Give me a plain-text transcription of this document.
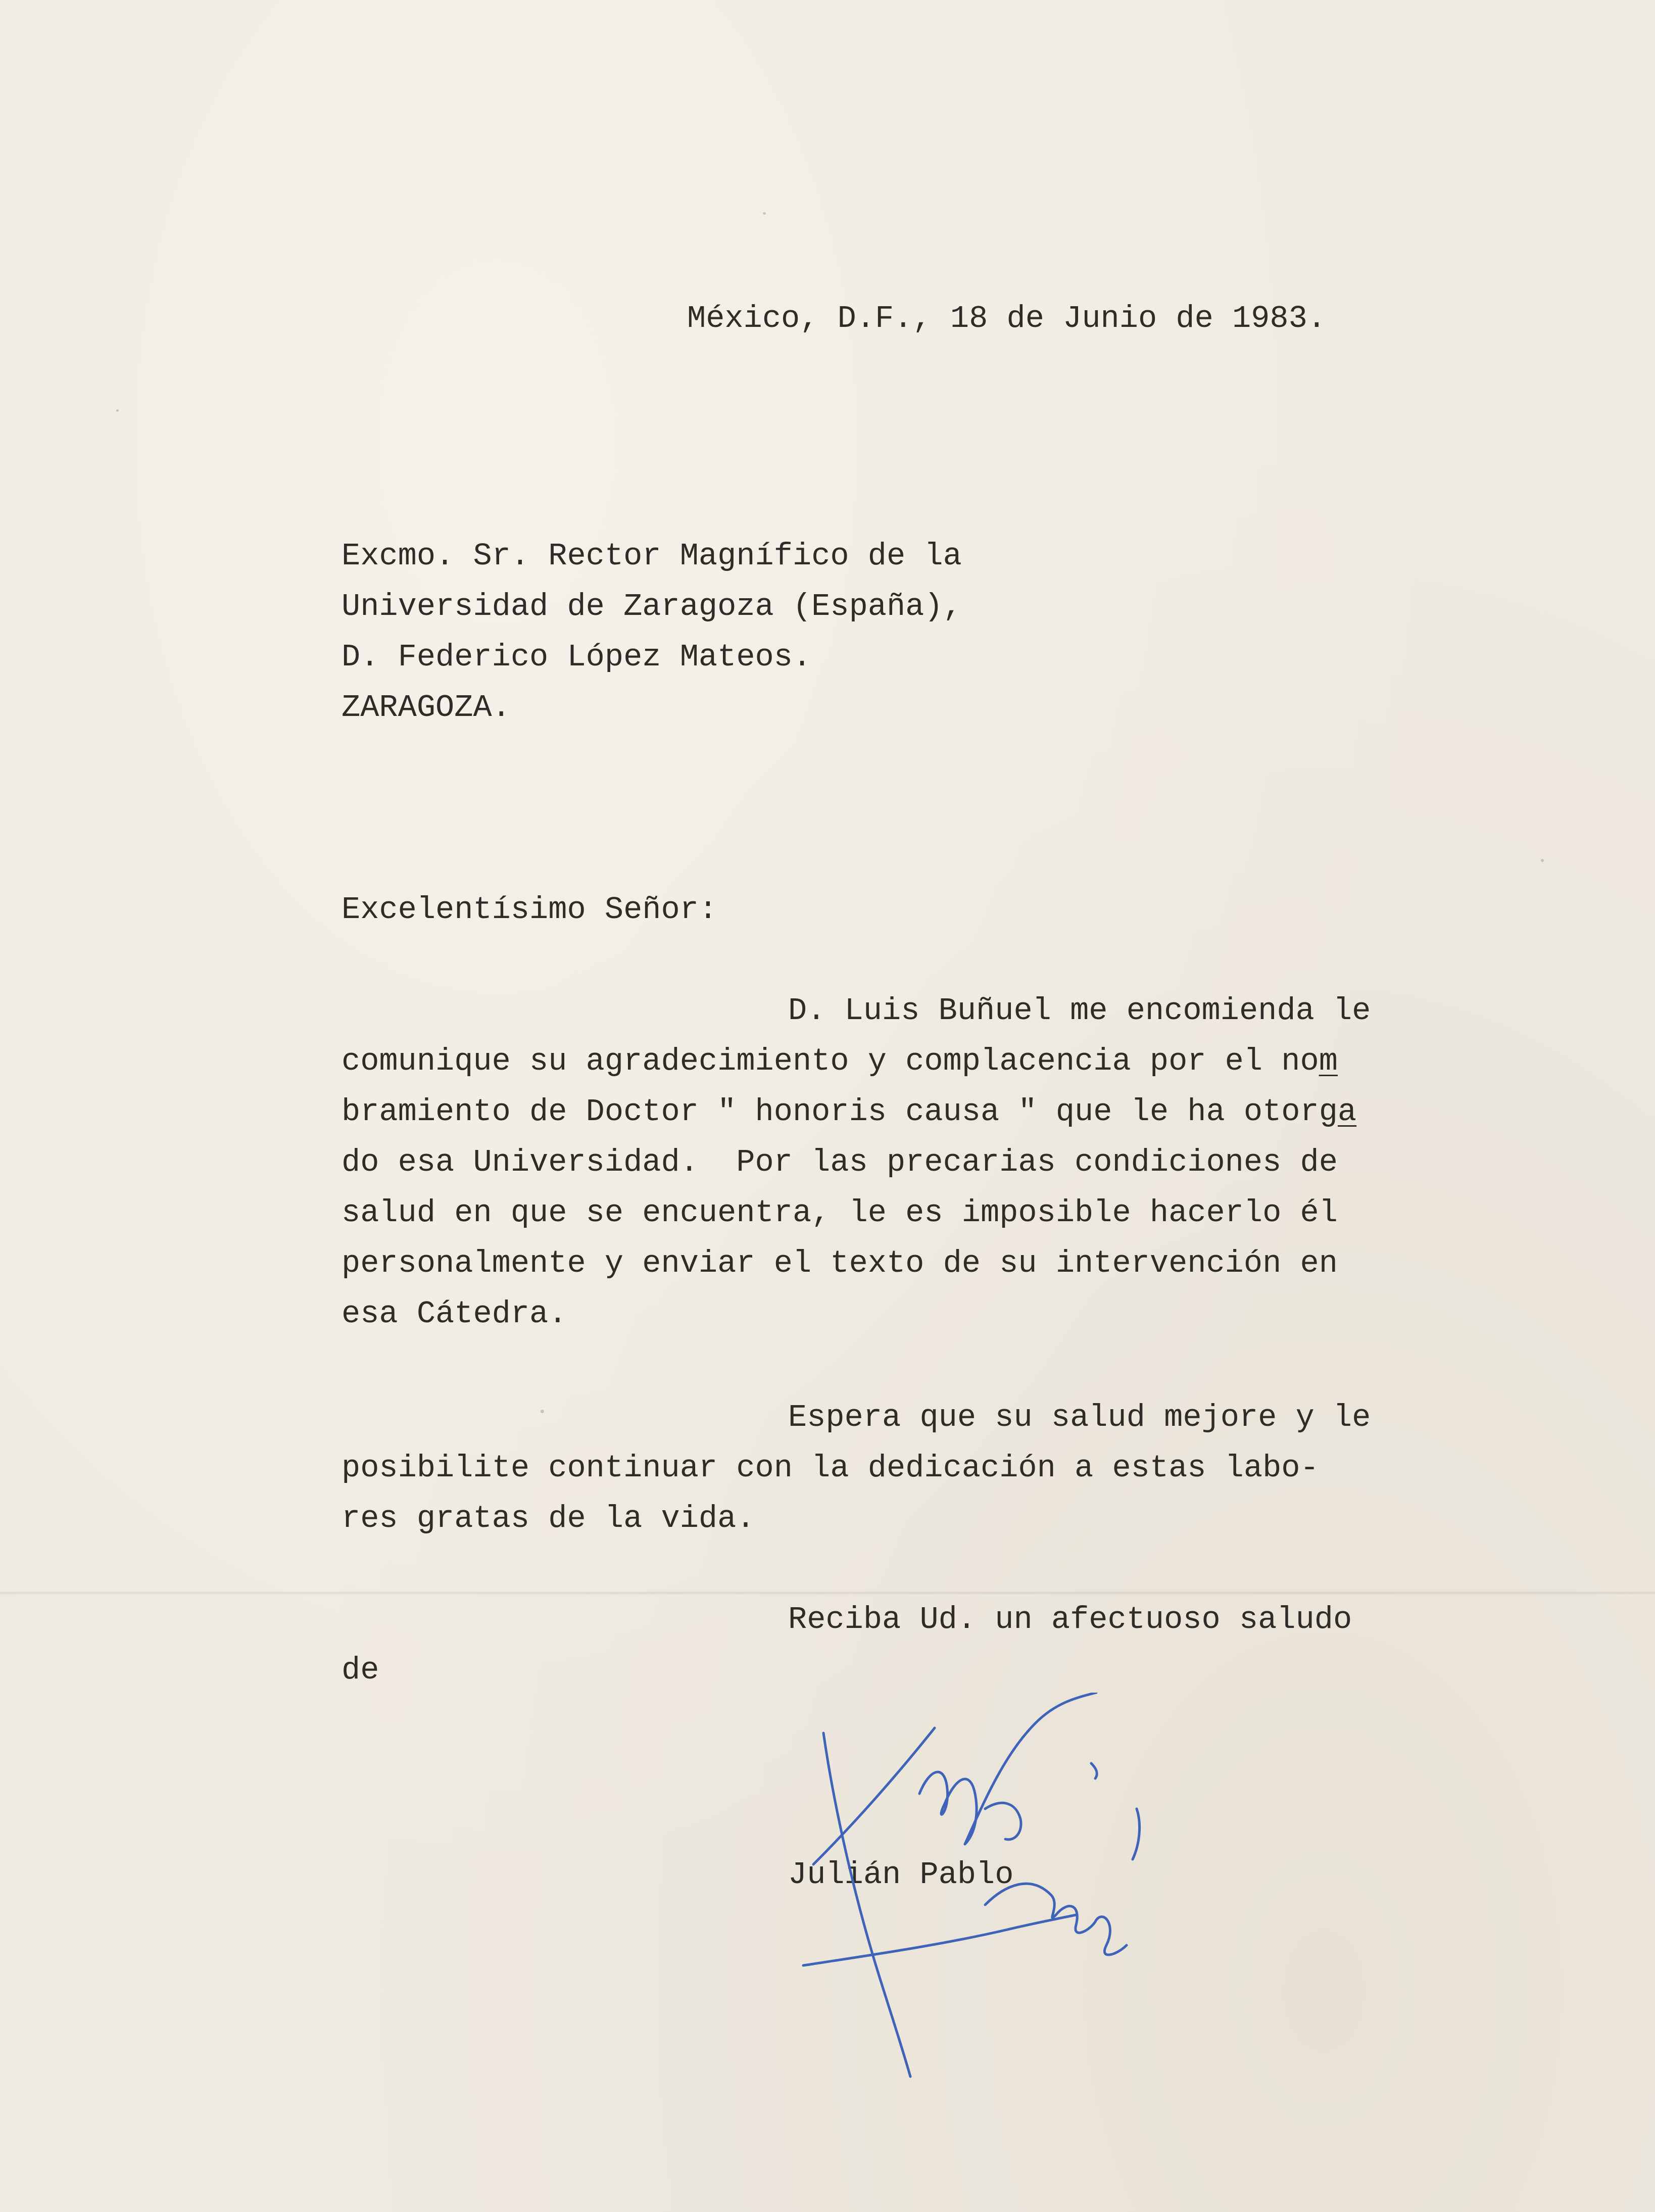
México, D.F., 18 de Junio de 1983.
Excmo. Sr. Rector Magnífico de la
Universidad de Zaragoza (España),
D. Federico López Mateos.
ZARAGOZA.
Excelentísimo Señor:
D. Luis Buñuel me encomienda le
comunique su agradecimiento y complacencia por el nom
bramiento de Doctor " honoris causa " que le ha otorga
do esa Universidad.  Por las precarias condiciones de
salud en que se encuentra, le es imposible hacerlo él
personalmente y enviar el texto de su intervención en
esa Cátedra.
Espera que su salud mejore y le
posibilite continuar con la dedicación a estas labo-
res gratas de la vida.
Reciba Ud. un afectuoso saludo
de
Julián Pablo
